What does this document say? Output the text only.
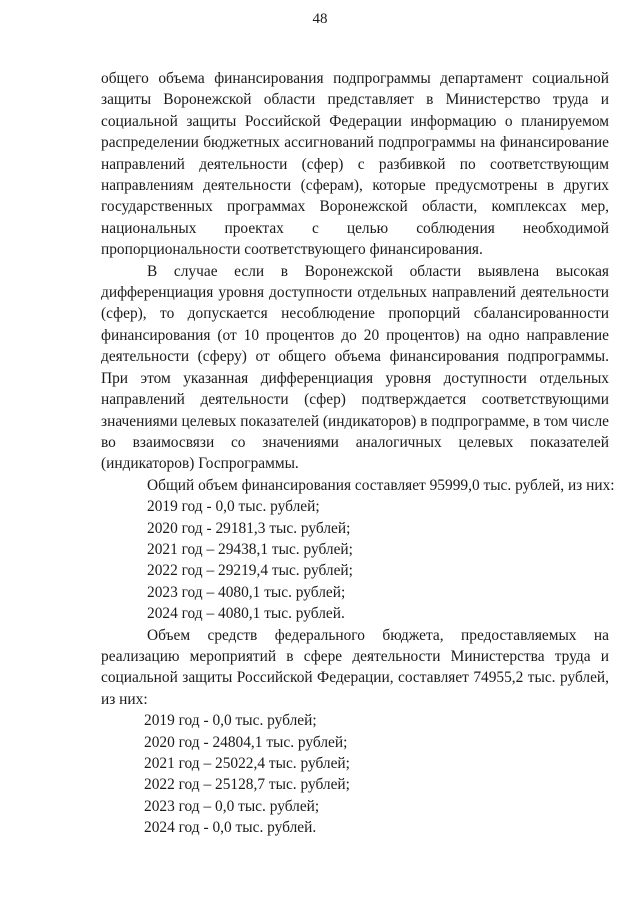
48

общего объема финансирования подпрограммы департамент социальной защиты Воронежской области представляет в Министерство труда и социальной защиты Российской Федерации информацию о планируемом распределении бюджетных ассигнований подпрограммы на финансирование направлений деятельности (сфер) с разбивкой по соответствующим направлениям деятельности (сферам), которые предусмотрены в других государственных программах Воронежской области, комплексах мер, национальных проектах с целью соблюдения необходимой пропорциональности соответствующего финансирования.

В случае если в Воронежской области выявлена высокая дифференциация уровня доступности отдельных направлений деятельности (сфер), то допускается несоблюдение пропорций сбалансированности финансирования (от 10 процентов до 20 процентов) на одно направление деятельности (сферу) от общего объема финансирования подпрограммы. При этом указанная дифференциация уровня доступности отдельных направлений деятельности (сфер) подтверждается соответствующими значениями целевых показателей (индикаторов) в подпрограмме, в том числе во взаимосвязи со значениями аналогичных целевых показателей (индикаторов) Госпрограммы.

Общий объем финансирования составляет 95999,0 тыс. рублей, из них:

2019 год - 0,0 тыс. рублей;
2020 год - 29181,3 тыс. рублей;
2021 год – 29438,1 тыс. рублей;
2022 год – 29219,4 тыс. рублей;
2023 год – 4080,1 тыс. рублей;
2024 год – 4080,1 тыс. рублей.

Объем средств федерального бюджета, предоставляемых на реализацию мероприятий в сфере деятельности Министерства труда и социальной защиты Российской Федерации, составляет 74955,2 тыс. рублей, из них:

2019 год - 0,0 тыс. рублей;
2020 год - 24804,1 тыс. рублей;
2021 год – 25022,4 тыс. рублей;
2022 год – 25128,7 тыс. рублей;
2023 год – 0,0 тыс. рублей;
2024 год - 0,0 тыс. рублей.
